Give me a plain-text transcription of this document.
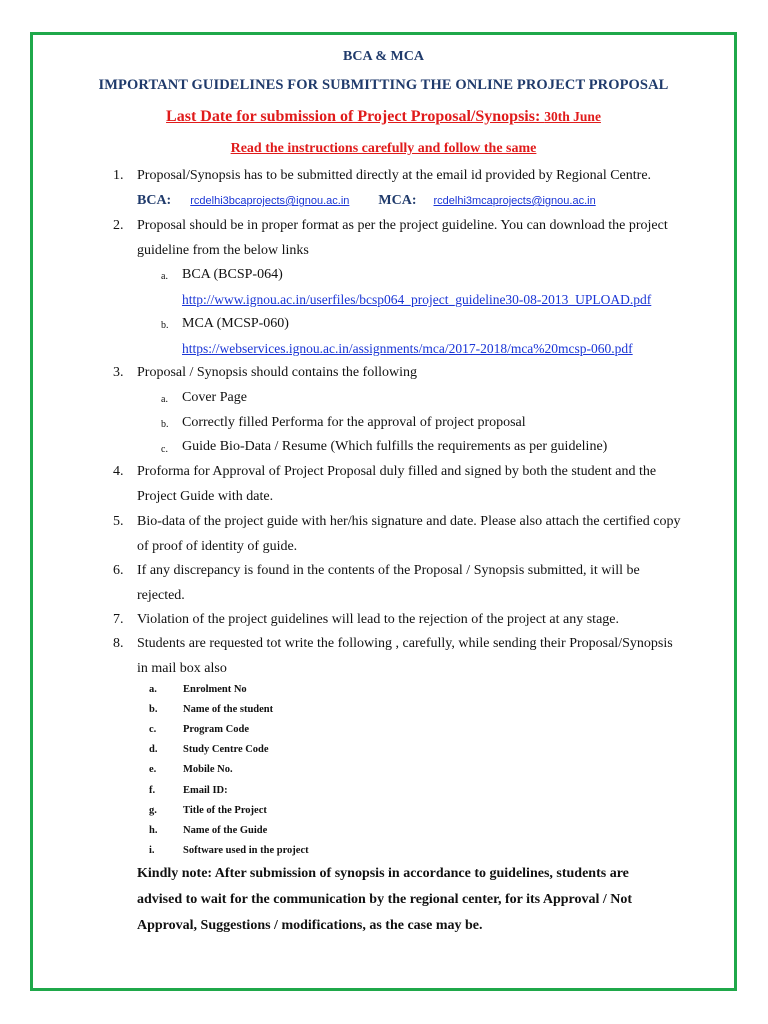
BCA & MCA
IMPORTANT GUIDELINES FOR SUBMITTING THE ONLINE PROJECT PROPOSAL
Last Date for submission of Project Proposal/Synopsis: 30th June
Read the instructions carefully and follow the same
1. Proposal/Synopsis has to be submitted directly at the email id provided by Regional Centre.
BCA: rcdelhi3bcaprojects@ignou.ac.in MCA: rcdelhi3mcaprojects@ignou.ac.in
2. Proposal should be in proper format as per the project guideline. You can download the project
guideline from the below links
a. BCA (BCSP-064)
http://www.ignou.ac.in/userfiles/bcsp064_project_guideline30-08-2013_UPLOAD.pdf
b. MCA (MCSP-060)
https://webservices.ignou.ac.in/assignments/mca/2017-2018/mca%20mcsp-060.pdf
3. Proposal / Synopsis should contains the following
a. Cover Page
b. Correctly filled Performa for the approval of project proposal
c. Guide Bio-Data / Resume (Which fulfills the requirements as per guideline)
4. Proforma for Approval of Project Proposal duly filled and signed by both the student and the
Project Guide with date.
5. Bio-data of the project guide with her/his signature and date. Please also attach the certified copy
of proof of identity of guide.
6. If any discrepancy is found in the contents of the Proposal / Synopsis submitted, it will be
rejected.
7. Violation of the project guidelines will lead to the rejection of the project at any stage.
8. Students are requested tot write the following , carefully, while sending their Proposal/Synopsis
in mail box also
a. Enrolment No
b. Name of the student
c.	Program Code
d. Study Centre Code
e.	Mobile No.
f.	Email ID:
g. Title of the Project
h. Name of the Guide
i.	Software used in the project
Kindly note: After submission of synopsis in accordance to guidelines, students are
advised to wait for the communication by the regional center, for its Approval / Not
Approval, Suggestions / modifications, as the case may be.
